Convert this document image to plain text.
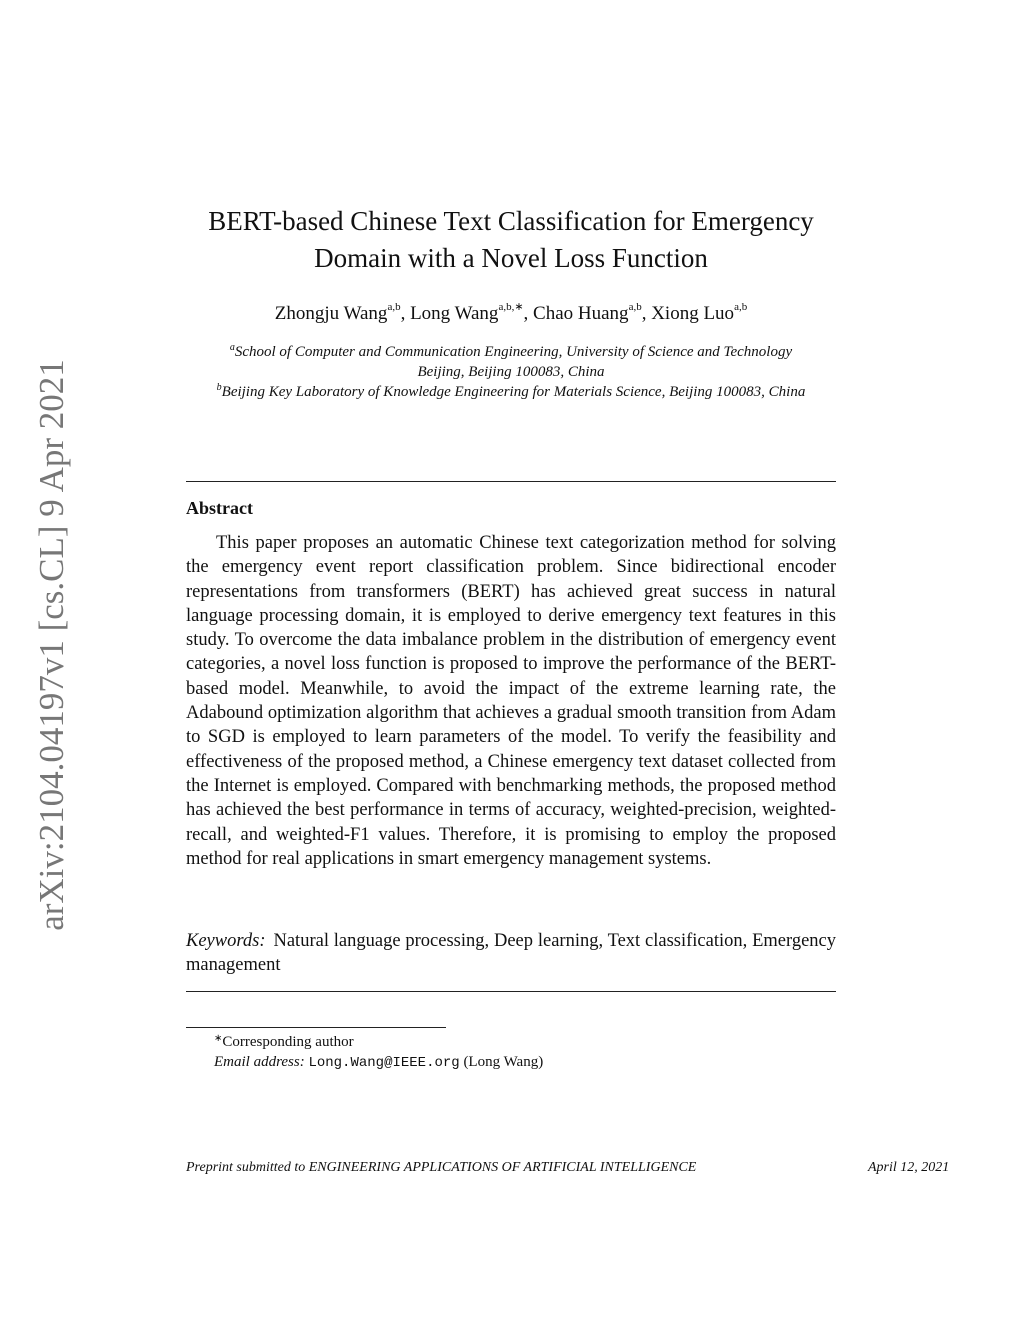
arXiv:2104.04197v1 [cs.CL] 9 Apr 2021
BERT-based Chinese Text Classification for Emergency
Domain with a Novel Loss Function
Zhongju Wang$^{a,b}$, Long Wang$^{a,b,∗}$, Chao Huang$^{a,b}$, Xiong Luo$^{a,b}$
$^a$School of Computer and Communication Engineering, University of Science and Technology Beijing, Beijing 100083, China
$^b$Beijing Key Laboratory of Knowledge Engineering for Materials Science, Beijing 100083, China
Abstract

This paper proposes an automatic Chinese text categorization method for solving the emergency event report classification problem. Since bidirectional encoder representations from transformers (BERT) has achieved great success in natural language processing domain, it is employed to derive emergency text features in this study. To overcome the data imbalance problem in the distribution of emergency event categories, a novel loss function is proposed to improve the performance of the BERT-based model. Meanwhile, to avoid the impact of the extreme learning rate, the Adabound optimization algorithm that achieves a gradual smooth transition from Adam to SGD is employed to learn parameters of the model. To verify the feasibility and effectiveness of the proposed method, a Chinese emergency text dataset collected from the Internet is employed. Compared with benchmarking methods, the proposed method has achieved the best performance in terms of accuracy, weighted-precision, weighted-recall, and weighted-F1 values. Therefore, it is promising to employ the proposed method for real applications in smart emergency management systems.

Keywords: Natural language processing, Deep learning, Text classification, Emergency management

∗Corresponding author
Email address: Long.Wang@IEEE.org (Long Wang)
Preprint submitted to ENGINEERING APPLICATIONS OF ARTIFICIAL INTELLIGENCE	April 12, 2021
